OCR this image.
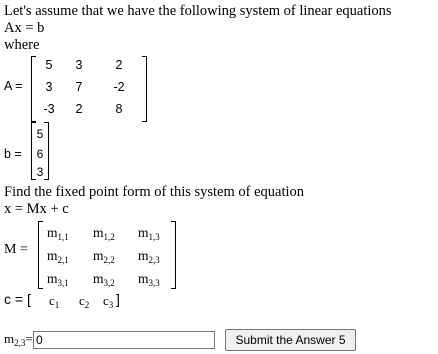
Let's assume that we have the following system of linear equations
Ax = b
where
A =
5	3	2
3	7	-2
-3	2	8
b =
5
6
3
Find the fixed point form of this system of equation
x = Mx + c
M =
$m_{1,1}$ $m_{1,2}$ $m_{1,3}$
$m_{2,1}$ $m_{2,2}$ $m_{2,3}$
$m_{3,1}$ $m_{3,2}$ $m_{3,3}$
c = [ $c_1$ $c_2$ $c_3$ ]
$m_{2,3}=$
0	Submit the Answer 5
